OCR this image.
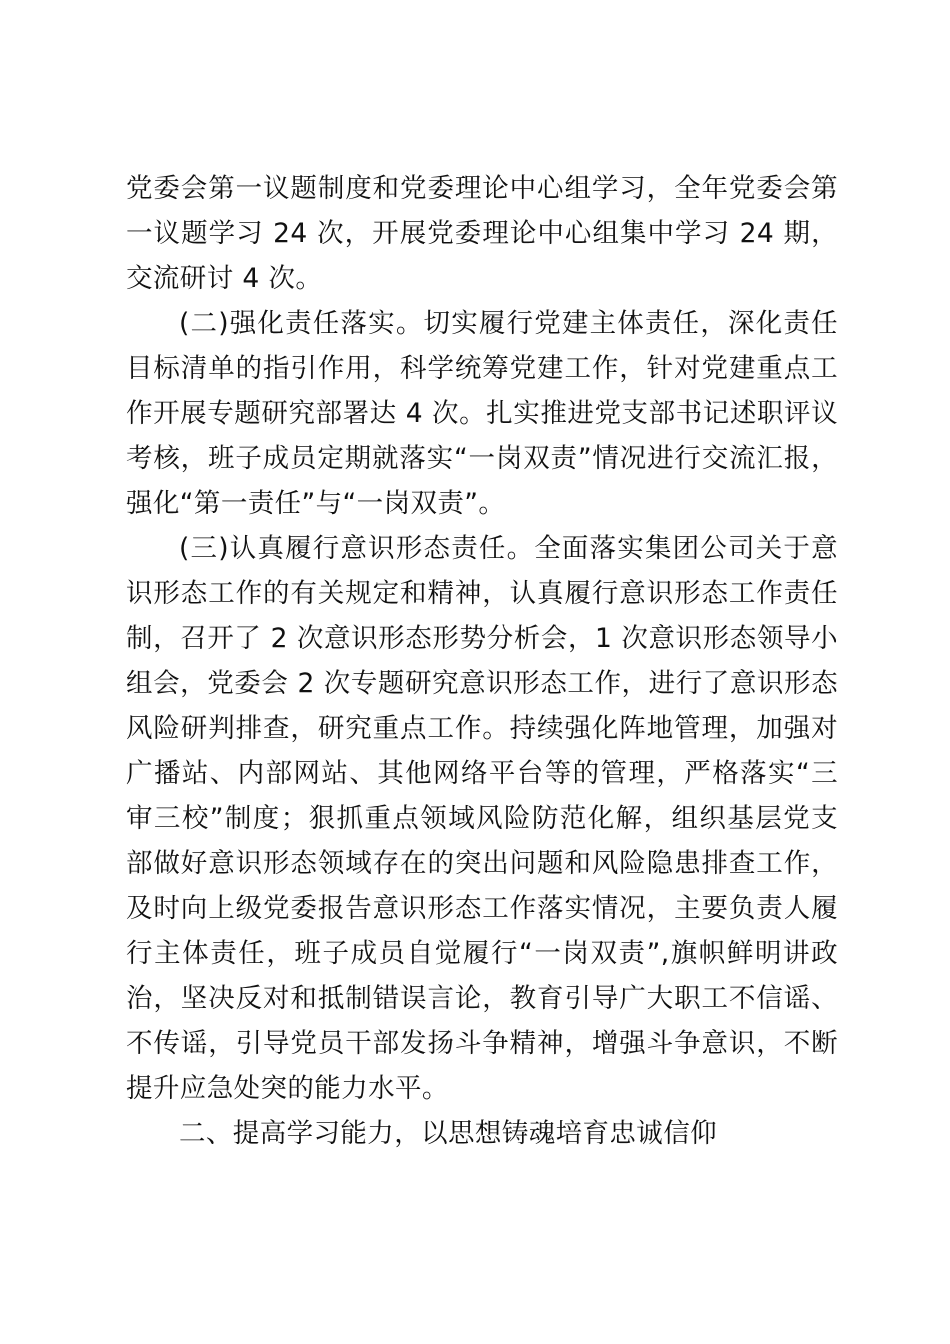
党委会第一议题制度和党委理论中心组学习，全年党委会第一议题学习 24 次，开展党委理论中心组集中学习 24 期，交流研讨 4 次。

(二)强化责任落实。切实履行党建主体责任，深化责任目标清单的指引作用，科学统筹党建工作，针对党建重点工作开展专题研究部署达 4 次。扎实推进党支部书记述职评议考核，班子成员定期就落实“一岗双责”情况进行交流汇报，强化“第一责任”与“一岗双责”。

(三)认真履行意识形态责任。全面落实集团公司关于意识形态工作的有关规定和精神，认真履行意识形态工作责任制，召开了 2 次意识形态形势分析会，1 次意识形态领导小组会，党委会 2 次专题研究意识形态工作，进行了意识形态风险研判排查，研究重点工作。持续强化阵地管理，加强对广播站、内部网站、其他网络平台等的管理，严格落实“三审三校”制度；狠抓重点领域风险防范化解，组织基层党支部做好意识形态领域存在的突出问题和风险隐患排查工作，及时向上级党委报告意识形态工作落实情况，主要负责人履行主体责任，班子成员自觉履行“一岗双责”,旗帜鲜明讲政治，坚决反对和抵制错误言论，教育引导广大职工不信谣、不传谣，引导党员干部发扬斗争精神，增强斗争意识，不断提升应急处突的能力水平。

二、提高学习能力，以思想铸魂培育忠诚信仰
